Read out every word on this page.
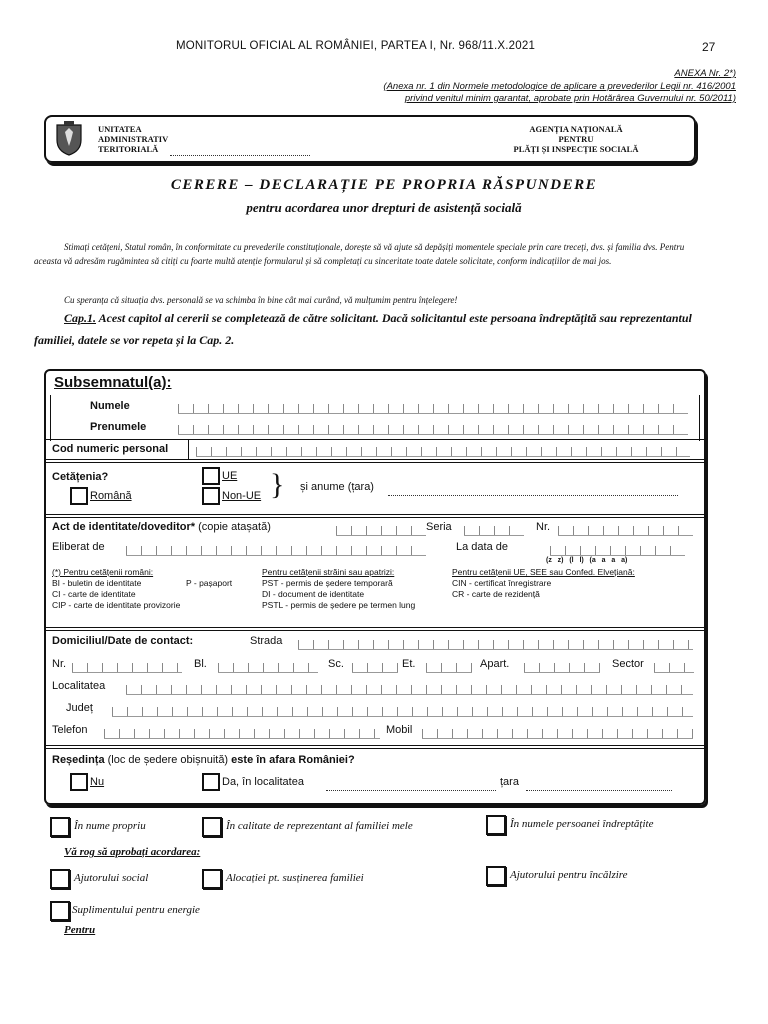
MONITORUL OFICIAL AL ROMÂNIEI, PARTEA I, Nr. 968/11.X.2021	27
ANEXA Nr. 2*)
(Anexa nr. 1 din Normele metodologice de aplicare a prevederilor Legii nr. 416/2001
privind venitul minim garantat, aprobate prin Hotărârea Guvernului nr. 50/2011)
UNITATEA
ADMINISTRATIV
TERITORIALĂ
AGENȚIA NAȚIONALĂ
PENTRU
PLĂȚI ȘI INSPECȚIE SOCIALĂ
CERERE – DECLARAȚIE PE PROPRIA RĂSPUNDERE
pentru acordarea unor drepturi de asistență socială
Stimați cetățeni, Statul român, în conformitate cu prevederile constituționale, dorește să vă ajute să depășiți momentele speciale prin care treceți, dvs. și familia dvs. Pentru aceasta vă adresăm rugămintea să citiți cu foarte multă atenție formularul și să completați cu sinceritate toate datele solicitate, conform indicațiilor de mai jos.
Cu speranța că situația dvs. personală se va schimba în bine cât mai curând, vă mulțumim pentru înțelegere!
Cap.1. Acest capitol al cererii se completează de către solicitant. Dacă solicitantul este persoana îndreptățită sau reprezentantul familiei, datele se vor repeta și la Cap. 2.
Subsemnatul(a):
Numele
Prenumele
Cod numeric personal
Cetățenia?
Română
UE
Non-UE } și anume (țara)
Act de identitate/doveditor* (copie atașată)	Seria	Nr.
Eliberat de	La data de
(z   z)   (l   l)   (a   a   a   a)
(*) Pentru cetățenii români:
BI - buletin de identitate
CI - carte de identitate
CIP - carte de identitate provizorie
P - pașaport
Pentru cetățenii străini sau apatrizi:
PST - permis de ședere temporară
DI - document de identitate
PSTL - permis de ședere pe termen lung
Pentru cetățenii UE, SEE sau Confed. Elvețiană:
CIN - certificat înregistrare
CR - carte de rezidență
Domiciliul/Date de contact:	Strada
Nr.	Bl.	Sc.	Et.	Apart.	Sector
Localitatea
Județ
Telefon	Mobil
Reședința (loc de ședere obișnuită) este în afara României?
Nu	Da, în localitatea	țara
În nume propriu	În calitate de reprezentant al familiei mele	În numele persoanei îndreptățite
Vă rog să aprobați acordarea:
Ajutorului social	Alocației pt. susținerea familiei	Ajutorului pentru încălzire
Suplimentului pentru energie
Pentru
